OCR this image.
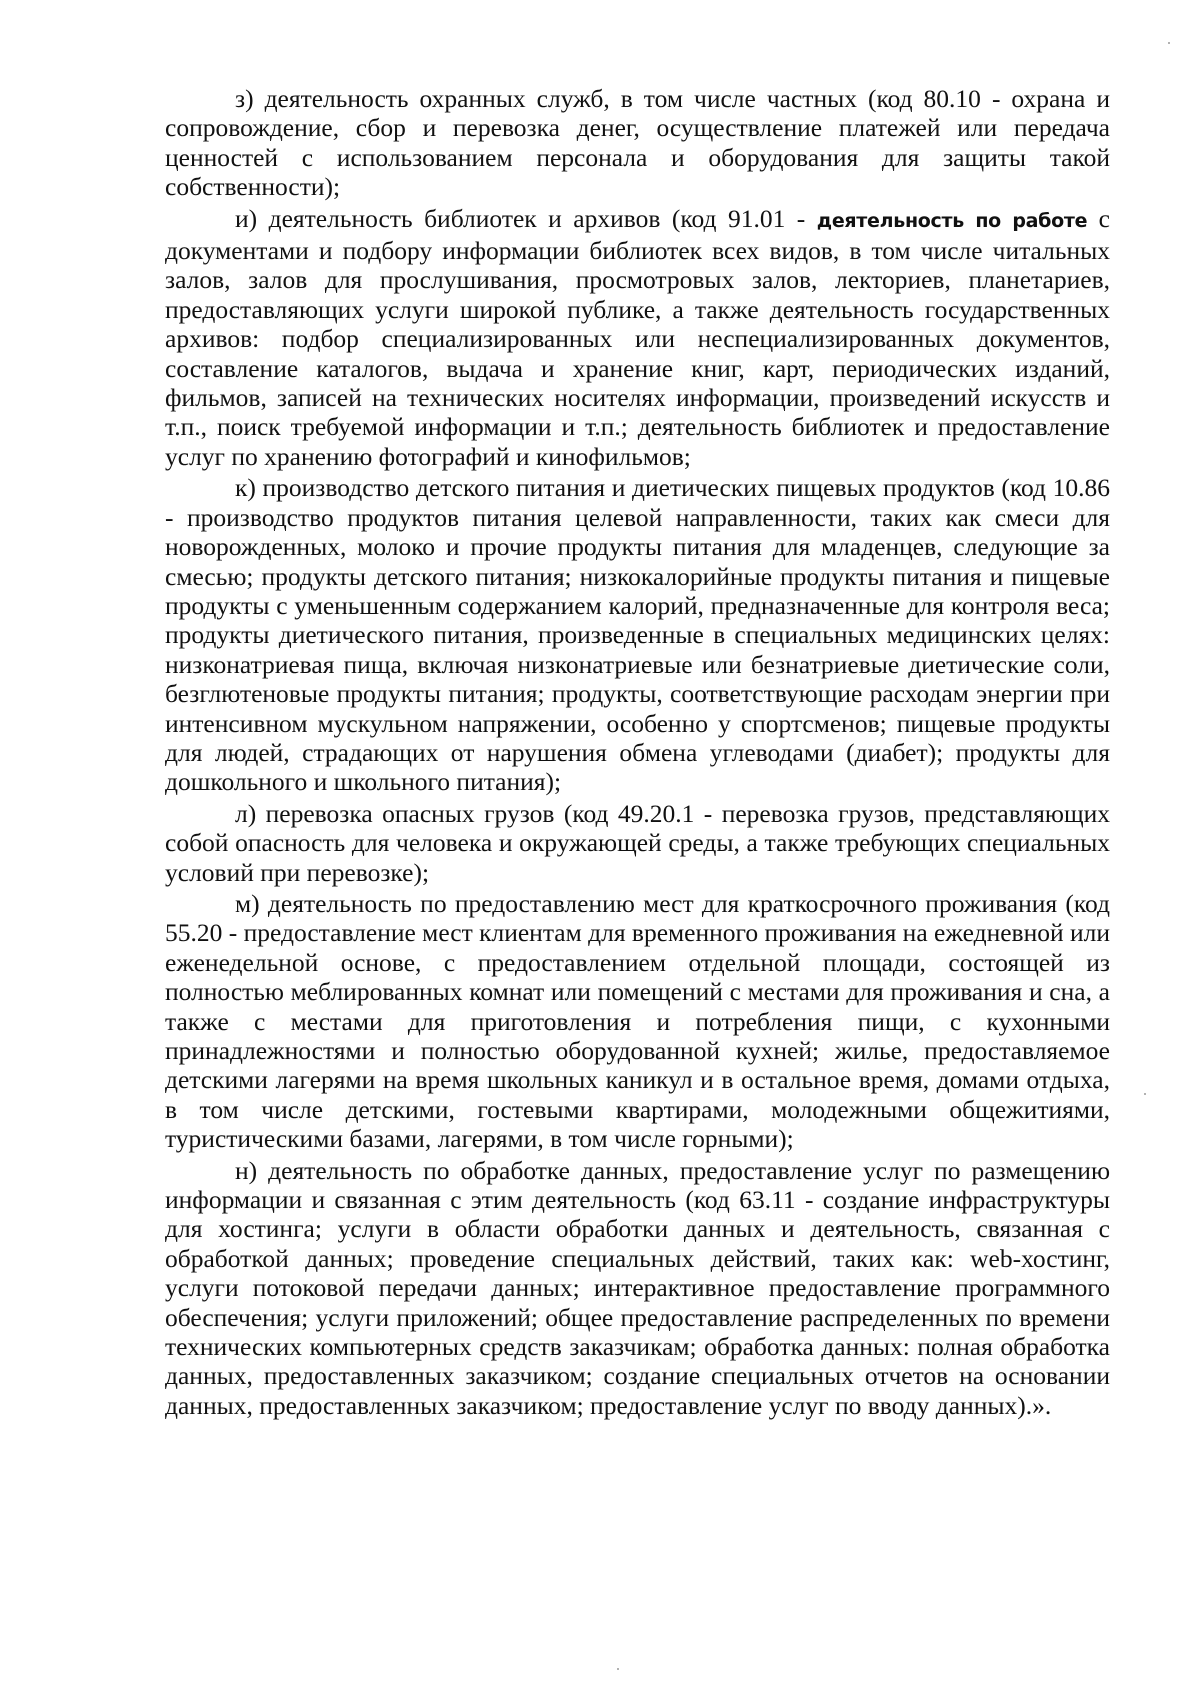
з) деятельность охранных служб, в том числе частных (код 80.10 - охрана и сопровождение, сбор и перевозка денег, осуществление платежей или передача ценностей с использованием персонала и оборудования для защиты такой собственности);

и) деятельность библиотек и архивов (код 91.01 - деятельность по работе с документами и подбору информации библиотек всех видов, в том числе читальных залов, залов для прослушивания, просмотровых залов, лекториев, планетариев, предоставляющих услуги широкой публике, а также деятельность государственных архивов: подбор специализированных или неспециализированных документов, составление каталогов, выдача и хранение книг, карт, периодических изданий, фильмов, записей на технических носителях информации, произведений искусств и т.п., поиск требуемой информации и т.п.; деятельность библиотек и предоставление услуг по хранению фотографий и кинофильмов;

к) производство детского питания и диетических пищевых продуктов (код 10.86 - производство продуктов питания целевой направленности, таких как смеси для новорожденных, молоко и прочие продукты питания для младенцев, следующие за смесью; продукты детского питания; низкокалорийные продукты питания и пищевые продукты с уменьшенным содержанием калорий, предназначенные для контроля веса; продукты диетического питания, произведенные в специальных медицинских целях: низконатриевая пища, включая низконатриевые или безнатриевые диетические соли, безглютеновые продукты питания; продукты, соответствующие расходам энергии при интенсивном мускульном напряжении, особенно у спортсменов; пищевые продукты для людей, страдающих от нарушения обмена углеводами (диабет); продукты для дошкольного и школьного питания);

л) перевозка опасных грузов (код 49.20.1 - перевозка грузов, представляющих собой опасность для человека и окружающей среды, а также требующих специальных условий при перевозке);

м) деятельность по предоставлению мест для краткосрочного проживания (код 55.20 - предоставление мест клиентам для временного проживания на ежедневной или еженедельной основе, с предоставлением отдельной площади, состоящей из полностью меблированных комнат или помещений с местами для проживания и сна, а также с местами для приготовления и потребления пищи, с кухонными принадлежностями и полностью оборудованной кухней; жилье, предоставляемое детскими лагерями на время школьных каникул и в остальное время, домами отдыха, в том числе детскими, гостевыми квартирами, молодежными общежитиями, туристическими базами, лагерями, в том числе горными);

н) деятельность по обработке данных, предоставление услуг по размещению информации и связанная с этим деятельность (код 63.11 - создание инфраструктуры для хостинга; услуги в области обработки данных и деятельность, связанная с обработкой данных; проведение специальных действий, таких как: web-хостинг, услуги потоковой передачи данных; интерактивное предоставление программного обеспечения; услуги приложений; общее предоставление распределенных по времени технических компьютерных средств заказчикам; обработка данных: полная обработка данных, предоставленных заказчиком; создание специальных отчетов на основании данных, предоставленных заказчиком; предоставление услуг по вводу данных).».
